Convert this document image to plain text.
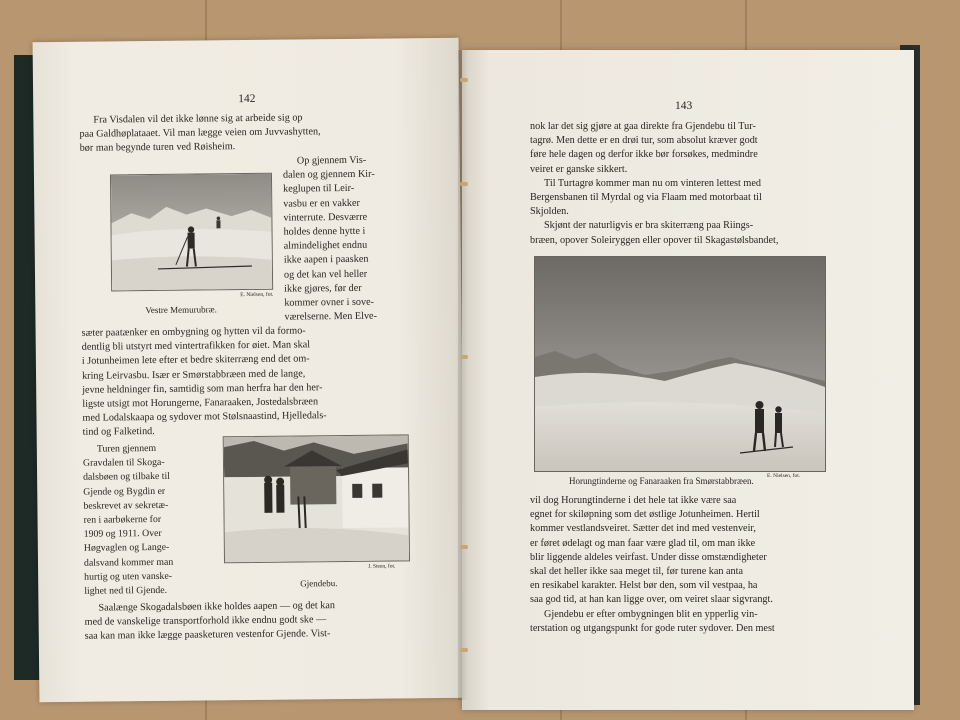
142

Fra Visdalen vil det ikke lønne sig at arbeide sig op

paa Galdhøplataaet. Vil man lægge veien om Juvvashytten,

bør man begynde turen ved Røisheim.

Op gjennem Vis-

dalen og gjennem Kir-

keglupen til Leir-

vasbu er en vakker

vinterrute. Desværre

holdes denne hytte i

almindelighet endnu

ikke aapen i paasken

og det kan vel heller

ikke gjøres, før der

kommer ovner i sove-

værelserne. Men Elve-

E. Nielsen, fot.
Vestre Memurubræ.

sæter paatænker en ombygning og hytten vil da formo-

dentlig bli utstyrt med vintertrafikken for øiet. Man skal

i Jotunheimen lete efter et bedre skiterræng end det om-

kring Leirvasbu. Især er Smørstabbræen med de lange,

jevne heldninger fin, samtidig som man herfra har den her-

ligste utsigt mot Horungerne, Fanaraaken, Jostedalsbræen

med Lodalskaapa og sydover mot Stølsnaastind, Hjelledals-

tind og Falketind.

Turen gjennem

Gravdalen til Skoga-

dalsbøen og tilbake til

Gjende og Bygdin er

beskrevet av sekretæ-

ren i aarbøkerne for

1909 og 1911. Over

Høgvaglen og Lange-

dalsvand kommer man

hurtig og uten vanske-

lighet ned til Gjende.

J. Steen, fot.
Gjendebu.

Saalænge Skogadalsbøen ikke holdes aapen — og det kan

med de vanskelige transportforhold ikke endnu godt ske —

saa kan man ikke lægge paasketuren vestenfor Gjende. Vist-

143

nok lar det sig gjøre at gaa direkte fra Gjendebu til Tur-

tagrø. Men dette er en drøi tur, som absolut kræver godt

føre hele dagen og derfor ikke bør forsøkes, medmindre

veiret er ganske sikkert.

Til Turtagrø kommer man nu om vinteren lettest med

Bergensbanen til Myrdal og via Flaam med motorbaat til

Skjolden.

Skjønt der naturligvis er bra skiterræng paa Riings-

bræen, opover Soleiryggen eller opover til Skagastølsbandet,

E. Nielsen, fot.
Horungtinderne og Fanaraaken fra Smørstabbræen.

vil dog Horungtinderne i det hele tat ikke være saa

egnet for skiløpning som det østlige Jotunheimen. Hertil

kommer vestlandsveiret. Sætter det ind med vestenveir,

er føret ødelagt og man faar være glad til, om man ikke

blir liggende aldeles veirfast. Under disse omstændigheter

skal det heller ikke saa meget til, før turene kan anta

en resikabel karakter. Helst bør den, som vil vestpaa, ha

saa god tid, at han kan ligge over, om veiret slaar sigvrangt.

Gjendebu er efter ombygningen blit en ypperlig vin-

terstation og utgangspunkt for gode ruter sydover. Den mest
